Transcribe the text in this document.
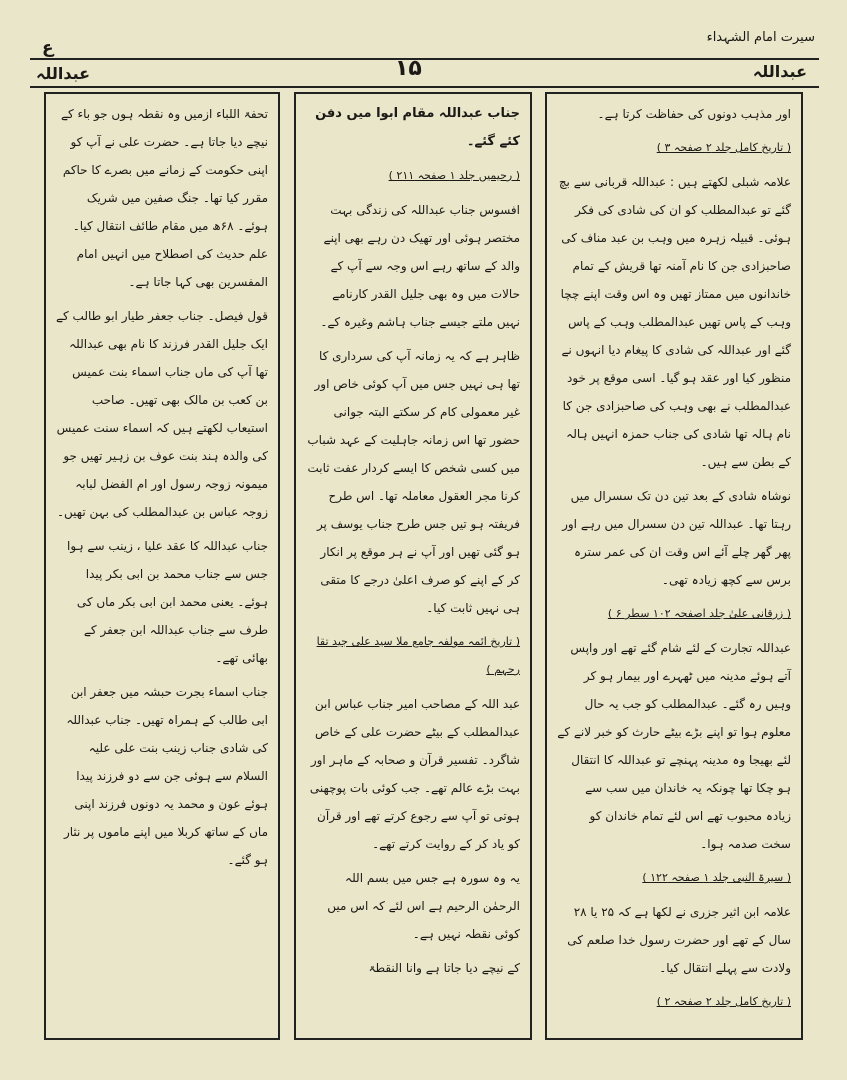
سیرت امام الشہداء
ع
عبداللہ
۱۵
عبداللہ

اور مذہب دونوں کی حفاظت کرتا ہے۔

( تاریخ کامل جلد ۲ صفحہ ۳ )

علامہ شبلی لکھتے ہیں : عبداللہ قربانی سے بچ گئے تو عبدالمطلب کو ان کی شادی کی فکر ہوئی۔ قبیلہ زہرہ میں وہب بن عبد مناف کی صاحبزادی جن کا نام آمنہ تھا قریش کے تمام خاندانوں میں ممتاز تھیں وہ اس وقت اپنے چچا وہب کے پاس تھیں عبدالمطلب وہب کے پاس گئے اور عبداللہ کی شادی کا پیغام دیا انہوں نے منظور کیا اور عقد ہو گیا۔ اسی موقع پر خود عبدالمطلب نے بھی وہب کی صاحبزادی جن کا نام ہالہ تھا شادی کی جناب حمزہ انہیں ہالہ کے بطن سے ہیں۔

نوشاہ شادی کے بعد تین دن تک سسرال میں رہتا تھا۔ عبداللہ تین دن سسرال میں رہے اور پھر گھر چلے آئے اس وقت ان کی عمر سترہ برس سے کچھ زیادہ تھی۔

( زرقانی علیٰ جلد اصفحہ ۱۰۲ سطر ۶ )

عبداللہ تجارت کے لئے شام گئے تھے اور واپس آتے ہوئے مدینہ میں ٹھہرے اور بیمار ہو کر وہیں رہ گئے۔ عبدالمطلب کو جب یہ حال معلوم ہوا تو اپنے بڑے بیٹے حارث کو خبر لانے کے لئے بھیجا وہ مدینہ پہنچے تو عبداللہ کا انتقال ہو چکا تھا چونکہ یہ خاندان میں سب سے زیادہ محبوب تھے اس لئے تمام خاندان کو سخت صدمہ ہوا۔

( سیرۃ النبی جلد ۱ صفحہ ۱۲۲ )

علامہ ابن اثیر جزری نے لکھا ہے کہ ۲۵ یا ۲۸ سال کے تھے اور حضرت رسول خدا صلعم کی ولادت سے پہلے انتقال کیا۔

( تاریخ کامل جلد ۲ صفحہ ۲ )

جناب عبداللہ مقام ابوا میں دفن کئے گئے۔

( رحیمیں جلد ۱ صفحہ ۲۱۱ )

افسوس جناب عبداللہ کی زندگی بہت مختصر ہوئی اور تھیک دن رہے بھی اپنے والد کے ساتھ رہے اس وجہ سے آپ کے حالات میں وہ بھی جلیل القدر کارنامے نہیں ملتے جیسے جناب ہاشم وغیرہ کے۔

ظاہر ہے کہ یہ زمانہ آپ کی سرداری کا تھا ہی نہیں جس میں آپ کوئی خاص اور غیر معمولی کام کر سکتے البتہ جوانی حضور تھا اس زمانہ جاہلیت کے عہد شباب میں کسی شخص کا ایسے کردار عفت ثابت کرنا مجر العقول معاملہ تھا۔ اس طرح فریفتہ ہو تیں جس طرح جناب یوسف پر ہو گئی تھیں اور آپ نے ہر موقع پر انکار کر کے اپنے کو صرف اعلیٰ درجے کا متقی ہی نہیں ثابت کیا۔

( تاریخ ائمہ مولفہ جامع ملا سید علی جید تقا رحہم )

عبد اللہ کے مصاحب امیر جناب عباس ابن عبدالمطلب کے بیٹے حضرت علی کے خاص شاگرد۔ تفسیر قرآن و صحابہ کے ماہر اور بہت بڑے عالم تھے۔ جب کوئی بات پوچھنی ہوتی تو آپ سے رجوع کرتے تھے اور قرآن کو یاد کر کے روایت کرتے تھے۔

یہ وہ سورہ ہے جس میں بسم اللہ الرحمٰن الرحیم ہے اس لئے کہ اس میں کوئی نقطہ نہیں ہے۔

کے نیچے دیا جاتا ہے وانا النقطۃ

تحفۃ اللباء ازمیں وہ نقطہ ہوں جو باء کے نیچے دیا جاتا ہے۔ حضرت علی نے آپ کو اپنی حکومت کے زمانے میں بصرے کا حاکم مقرر کیا تھا۔ جنگ صفین میں شریک ہوئے۔ ۶۸ھ میں مقام طائف انتقال کیا۔ علم حدیث کی اصطلاح میں انہیں امام المفسرین بھی کہا جاتا ہے۔

قول فیصل۔ جناب جعفر طیار ابو طالب کے ایک جلیل القدر فرزند کا نام بھی عبداللہ تھا آپ کی ماں جناب اسماء بنت عمیس بن کعب بن مالک بھی تھیں۔ صاحب استیعاب لکھتے ہیں کہ اسماء سنت عمیس کی والدہ ہند بنت عوف بن زہیر تھیں جو میمونہ زوجہ رسول اور ام الفضل لبابہ زوجہ عباس بن عبدالمطلب کی بہن تھیں۔

جناب عبداللہ کا عقد علیا ، زینب سے ہوا جس سے جناب محمد بن ابی بکر پیدا ہوئے۔ یعنی محمد ابن ابی بکر ماں کی طرف سے جناب عبداللہ ابن جعفر کے بھائی تھے۔

جناب اسماء بجرت حبشہ میں جعفر ابن ابی طالب کے ہمراہ تھیں۔ جناب عبداللہ کی شادی جناب زینب بنت علی علیہ السلام سے ہوئی جن سے دو فرزند پیدا ہوئے عون و محمد یہ دونوں فرزند اپنی ماں کے ساتھ کربلا میں اپنے ماموں پر نثار ہو گئے۔
